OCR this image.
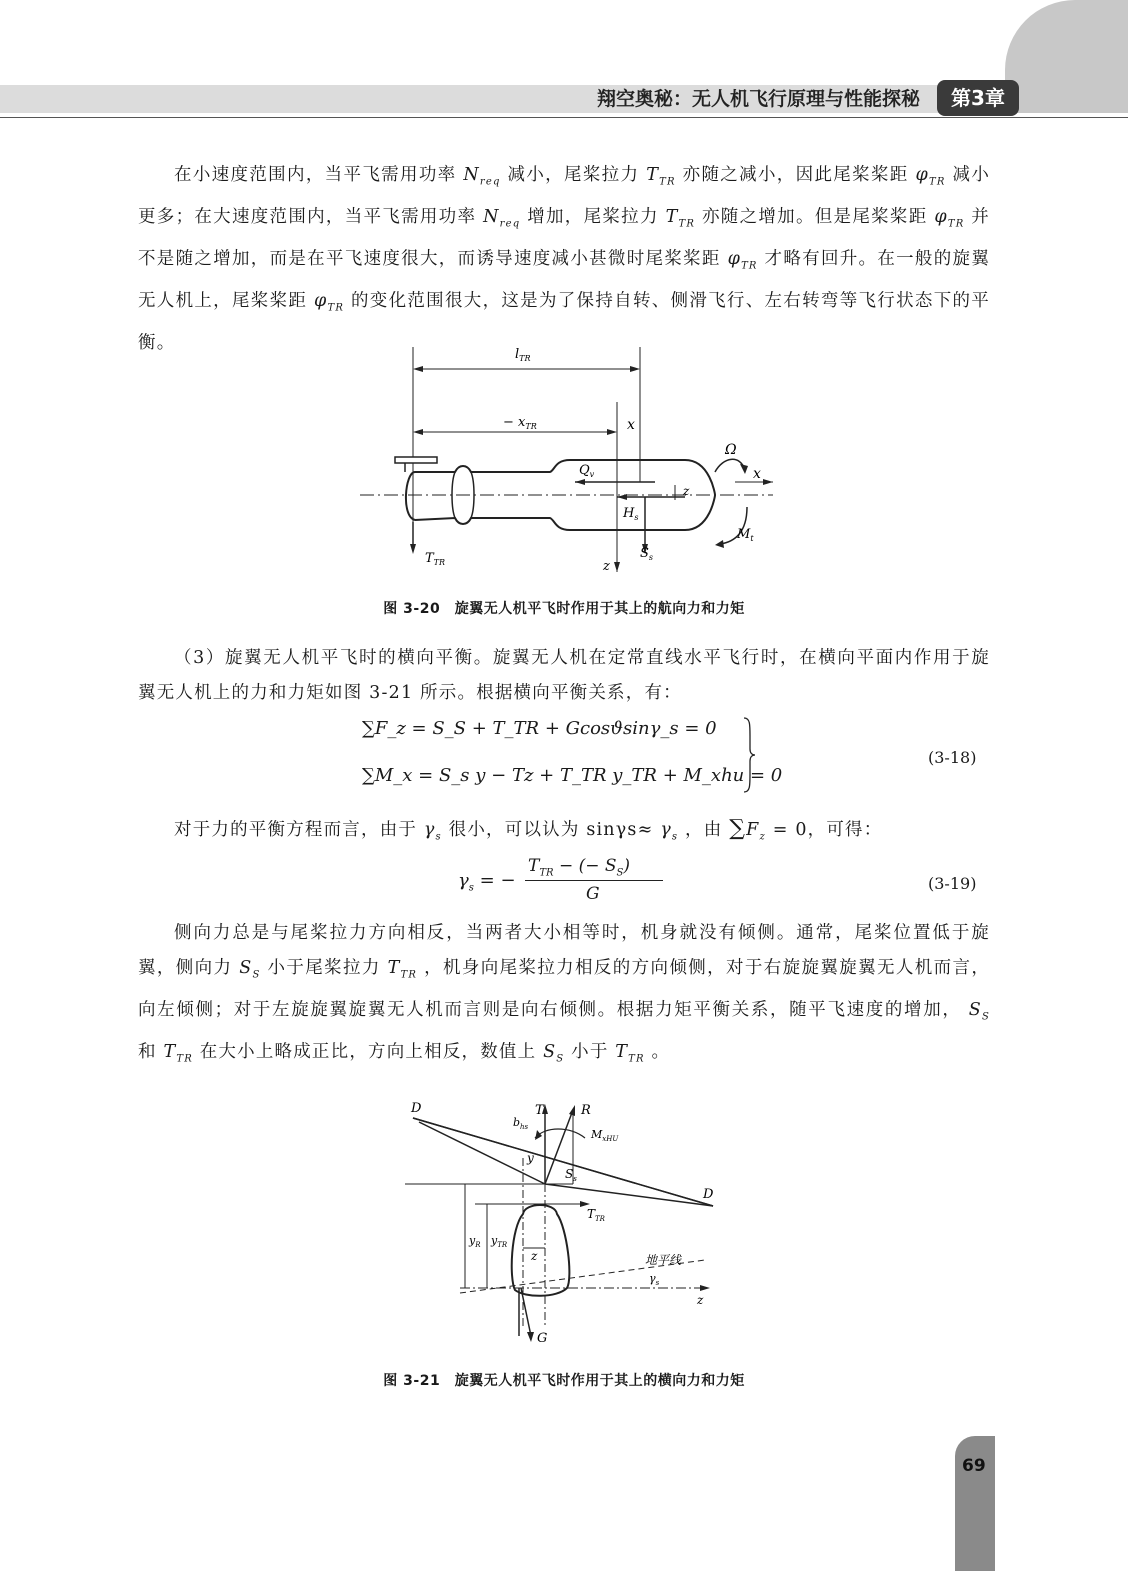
翔空奥秘：无人机飞行原理与性能探秘	第3章

在小速度范围内，当平飞需用功率 $N_{req}$ 减小，尾桨拉力 $T_{TR}$ 亦随之减小，因此尾桨桨距 $\varphi_{TR}$ 减小更多；在大速度范围内，当平飞需用功率 $N_{req}$ 增加，尾桨拉力 $T_{TR}$ 亦随之增加。但是尾桨桨距 $\varphi_{TR}$ 并不是随之增加，而是在平飞速度很大，而诱导速度减小甚微时尾桨桨距 $\varphi_{TR}$ 才略有回升。在一般的旋翼无人机上，尾桨桨距 $\varphi_{TR}$ 的变化范围很大，这是为了保持自转、侧滑飞行、左右转弯等飞行状态下的平衡。

$l_{TR}$
− $x_{TR}$	x
Ω
x
$Q_v$
z
$H_s$
$M_t$
$T_{TR}$
$S_s$
z
图 3-20　旋翼无人机平飞时作用于其上的航向力和力矩

（3）旋翼无人机平飞时的横向平衡。旋翼无人机在定常直线水平飞行时，在横向平面内作用于旋翼无人机上的力和力矩如图 3-21 所示。根据横向平衡关系，有：

∑F_z = S_S + T_TR + Gcosϑsinγ_s = 0
∑M_x = S_s y − Tz + T_TR y_TR + M_xhu = 0
(3-18)

对于力的平衡方程而言，由于 $\gamma_s$ 很小，可以认为 $\sin\gamma s\approx \gamma_s$ ，由 $\sum F_z = 0$，可得：

$\gamma_s$ = −
$T_{TR}$ − (− $S_S$)
G
(3-19)

侧向力总是与尾桨拉力方向相反，当两者大小相等时，机身就没有倾侧。通常，尾桨位置低于旋翼，侧向力 $S_S$ 小于尾桨拉力 $T_{TR}$ ，机身向尾桨拉力相反的方向倾侧，对于右旋旋翼旋翼无人机而言，向左倾侧；对于左旋旋翼旋翼无人机而言则是向右倾侧。根据力矩平衡关系，随平飞速度的增加， $S_S$ 和 $T_{TR}$ 在大小上略成正比，方向上相反，数值上 $S_S$ 小于 $T_{TR}$ 。

D
D
T	R
$b_{hs}$
$M_{xHU}$
y
$S_s$
$T_{TR}$
$y_R$ $y_{TR}$
z	地平线
$\gamma_s$
z
G
图 3-21　旋翼无人机平飞时作用于其上的横向力和力矩
69
